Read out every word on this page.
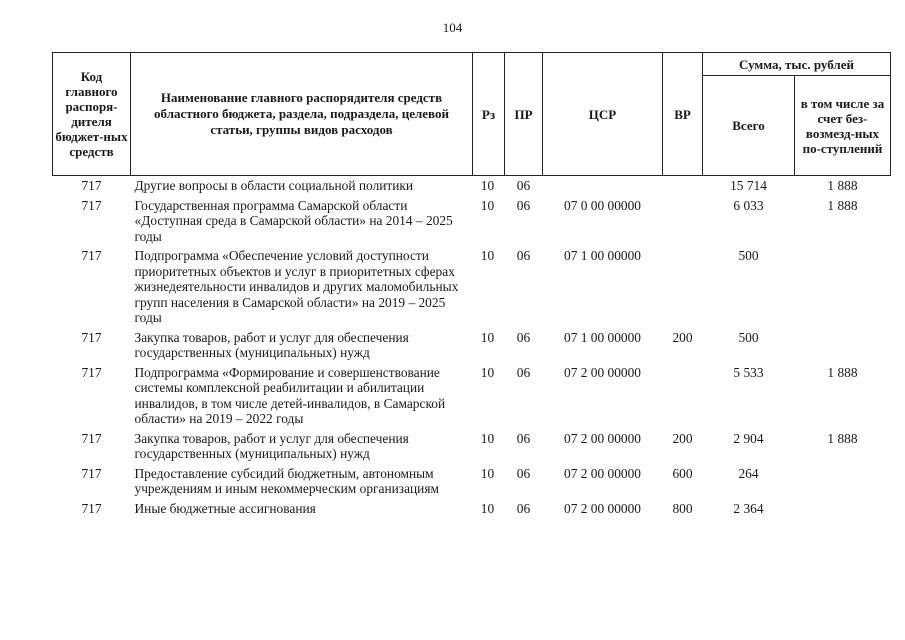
104
Код главного распоря-дителя бюджет-ных средств	Наименование главного распорядителя средств областного бюджета, раздела, подраздела, целевой статьи, группы видов расходов	Рз	ПР	ЦСР	ВР	Сумма, тыс. рублей	
						Всего	в том числе за счет без-возмезд-ных по-ступлений
717	Другие вопросы в области социальной политики	10	06			15 714	1 888
717	Государственная программа Самарской области «Доступная среда в Самарской области» на 2014 – 2025 годы	10	06	07 0 00 00000		6 033	1 888
717	Подпрограмма «Обеспечение условий доступности приоритетных объектов и услуг в приоритетных сферах жизнедеятельности инвалидов и других маломобильных групп населения в Самарской области» на 2019 – 2025 годы	10	06	07 1 00 00000		500	
717	Закупка товаров, работ и услуг для обеспечения государственных (муниципальных) нужд	10	06	07 1 00 00000	200	500	
717	Подпрограмма «Формирование и совершенствование системы комплексной реабилитации и абилитации инвалидов, в том числе детей-инвалидов, в Самарской области» на 2019 – 2022 годы	10	06	07 2 00 00000		5 533	1 888
717	Закупка товаров, работ и услуг для обеспечения государственных (муниципальных) нужд	10	06	07 2 00 00000	200	2 904	1 888
717	Предоставление субсидий бюджетным, автономным учреждениям и иным некоммерческим организациям	10	06	07 2 00 00000	600	264	
717	Иные бюджетные ассигнования	10	06	07 2 00 00000	800	2 364	
